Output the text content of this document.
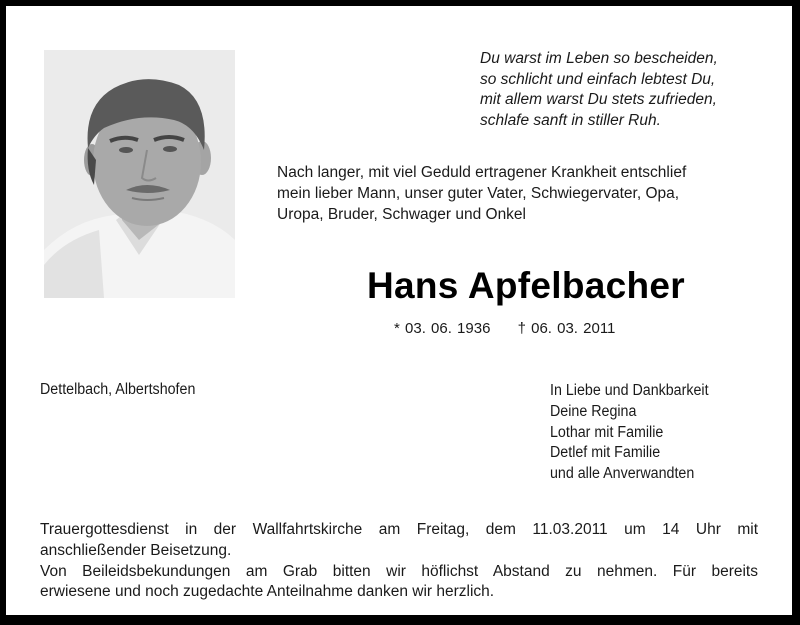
Du warst im Leben so bescheiden,
so schlicht und einfach lebtest Du,
mit allem warst Du stets zufrieden,
schlafe sanft in stiller Ruh.
Nach langer, mit viel Geduld ertragener Krankheit entschlief
mein lieber Mann, unser guter Vater, Schwiegervater, Opa,
Uropa, Bruder, Schwager und Onkel
Hans Apfelbacher
* 03. 06. 1936 † 06. 03. 2011
Dettelbach, Albertshofen	In Liebe und Dankbarkeit
Deine Regina
Lothar mit Familie
Detlef mit Familie
und alle Anverwandten
Trauergottesdienst in der Wallfahrtskirche am Freitag, dem 11.03.2011 um 14 Uhr mit
anschließender Beisetzung.
Von Beileidsbekundungen am Grab bitten wir höflichst Abstand zu nehmen. Für bereits
erwiesene und noch zugedachte Anteilnahme danken wir herzlich.
